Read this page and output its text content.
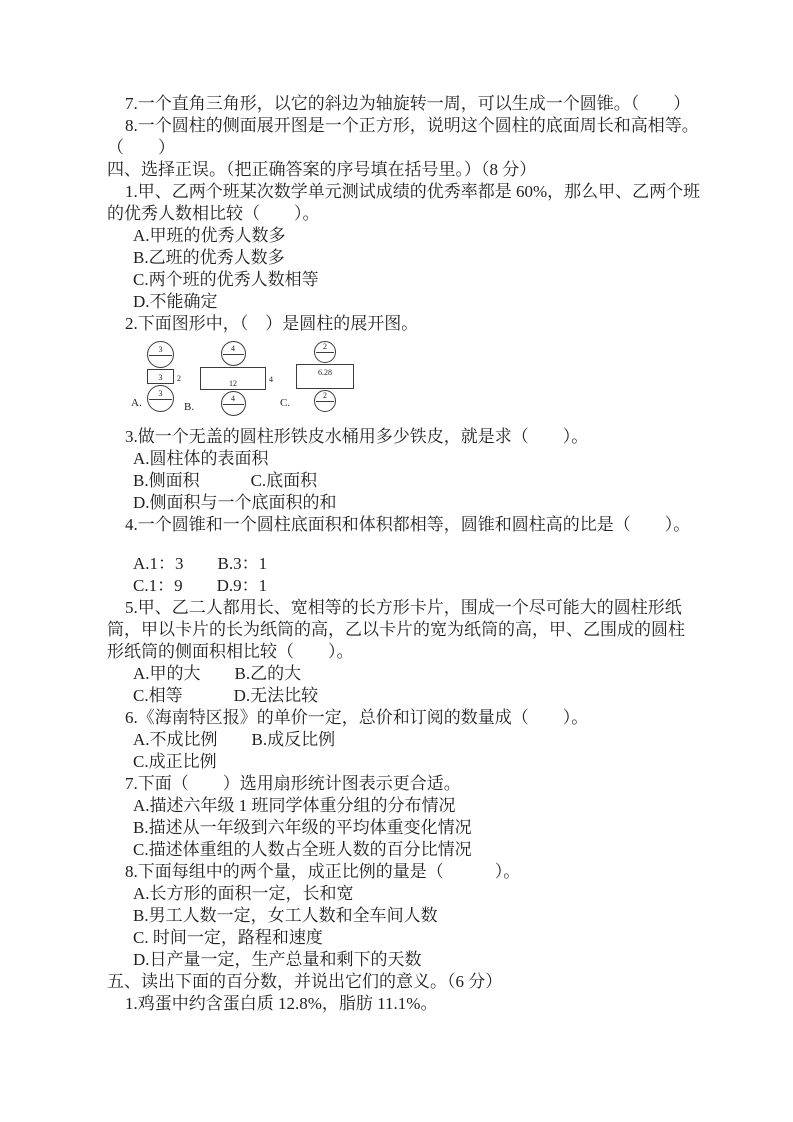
7.一个直角三角形，以它的斜边为轴旋转一周，可以生成一个圆锥。（　　）
8.一个圆柱的侧面展开图是一个正方形，说明这个圆柱的底面周长和高相等。
（　　）
四、选择正误。（把正确答案的序号填在括号里。）（8 分）
1.甲、乙两个班某次数学单元测试成绩的优秀率都是 60%，那么甲、乙两个班
的优秀人数相比较（　　）。
A.甲班的优秀人数多
B.乙班的优秀人数多
C.两个班的优秀人数相等
D.不能确定
2.下面图形中，（　）是圆柱的展开图。
A.
3
3	2
3
B.
4
12	4
4	C.
2
6.28
2
3.做一个无盖的圆柱形铁皮水桶用多少铁皮，就是求（　　）。
A.圆柱体的表面积
B.侧面积　　　C.底面积
D.侧面积与一个底面积的和
4.一个圆锥和一个圆柱底面积和体积都相等，圆锥和圆柱高的比是（　　）。
A.1：3　　B.3：1
C.1：9　　D.9：1
5.甲、乙二人都用长、宽相等的长方形卡片，围成一个尽可能大的圆柱形纸
筒，甲以卡片的长为纸筒的高，乙以卡片的宽为纸筒的高，甲、乙围成的圆柱
形纸筒的侧面积相比较（　　）。
A.甲的大　　B.乙的大
C.相等　　　D.无法比较
6.《海南特区报》的单价一定，总价和订阅的数量成（　　）。
A.不成比例　　B.成反比例
C.成正比例
7.下面（　　）选用扇形统计图表示更合适。
A.描述六年级 1 班同学体重分组的分布情况
B.描述从一年级到六年级的平均体重变化情况
C.描述体重组的人数占全班人数的百分比情况
8.下面每组中的两个量，成正比例的量是（　　　）。
A.长方形的面积一定，长和宽
B.男工人数一定，女工人数和全车间人数
C. 时间一定，路程和速度
D.日产量一定，生产总量和剩下的天数
五、读出下面的百分数，并说出它们的意义。（6 分）
1.鸡蛋中约含蛋白质 12.8%，脂肪 11.1%。
